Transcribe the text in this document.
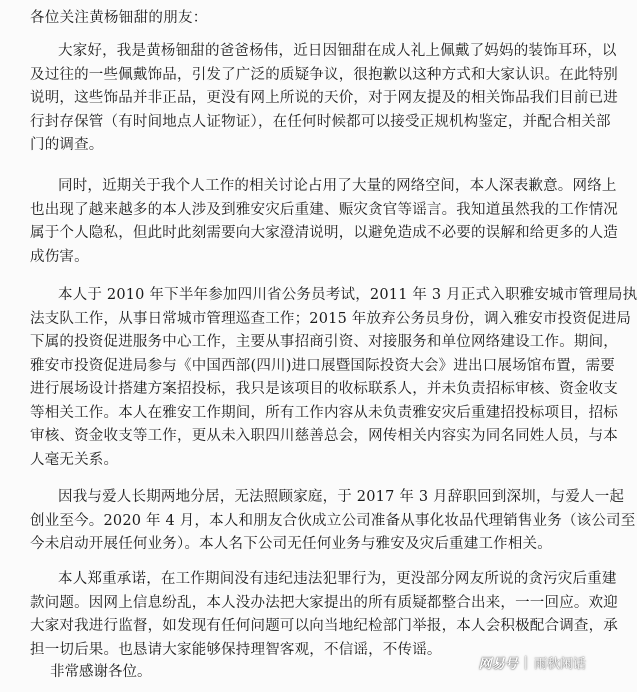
各位关注黄杨钿甜的朋友：
大家好，我是黄杨钿甜的爸爸杨伟，近日因钿甜在成人礼上佩戴了妈妈的装饰耳环，以
及过往的一些佩戴饰品，引发了广泛的质疑争议，很抱歉以这种方式和大家认识。在此特别
说明，这些饰品并非正品，更没有网上所说的天价，对于网友提及的相关饰品我们目前已进
行封存保管（有时间地点人证物证），在任何时候都可以接受正规机构鉴定，并配合相关部
门的调查。
同时，近期关于我个人工作的相关讨论占用了大量的网络空间，本人深表歉意。网络上
也出现了越来越多的本人涉及到雅安灾后重建、赈灾贪官等谣言。我知道虽然我的工作情况
属于个人隐私，但此时此刻需要向大家澄清说明，以避免造成不必要的误解和给更多的人造
成伤害。
本人于 2010 年下半年参加四川省公务员考试，2011 年 3 月正式入职雅安城市管理局执
法支队工作，从事日常城市管理巡查工作；2015 年放弃公务员身份，调入雅安市投资促进局
下属的投资促进服务中心工作，主要从事招商引资、对接服务和单位网络建设工作。期间，
雅安市投资促进局参与《中国西部(四川)进口展暨国际投资大会》进出口展场馆布置，需要
进行展场设计搭建方案招投标，我只是该项目的收标联系人，并未负责招标审核、资金收支
等相关工作。本人在雅安工作期间，所有工作内容从未负责雅安灾后重建招投标项目，招标
审核、资金收支等工作，更从未入职四川慈善总会，网传相关内容实为同名同姓人员，与本
人毫无关系。
因我与爱人长期两地分居，无法照顾家庭，于 2017 年 3 月辞职回到深圳，与爱人一起
创业至今。2020 年 4 月，本人和朋友合伙成立公司准备从事化妆品代理销售业务（该公司至
今未启动开展任何业务）。本人名下公司无任何业务与雅安及灾后重建工作相关。
本人郑重承诺，在工作期间没有违纪违法犯罪行为，更没部分网友所说的贪污灾后重建
款问题。因网上信息纷乱，本人没办法把大家提出的所有质疑都整合出来，一一回应。欢迎
大家对我进行监督，如发现有任何问题可以向当地纪检部门举报，本人会积极配合调查，承
担一切后果。也恳请大家能够保持理智客观，不信谣，不传谣。
非常感谢各位。	网易号 | 雨秋闲话
